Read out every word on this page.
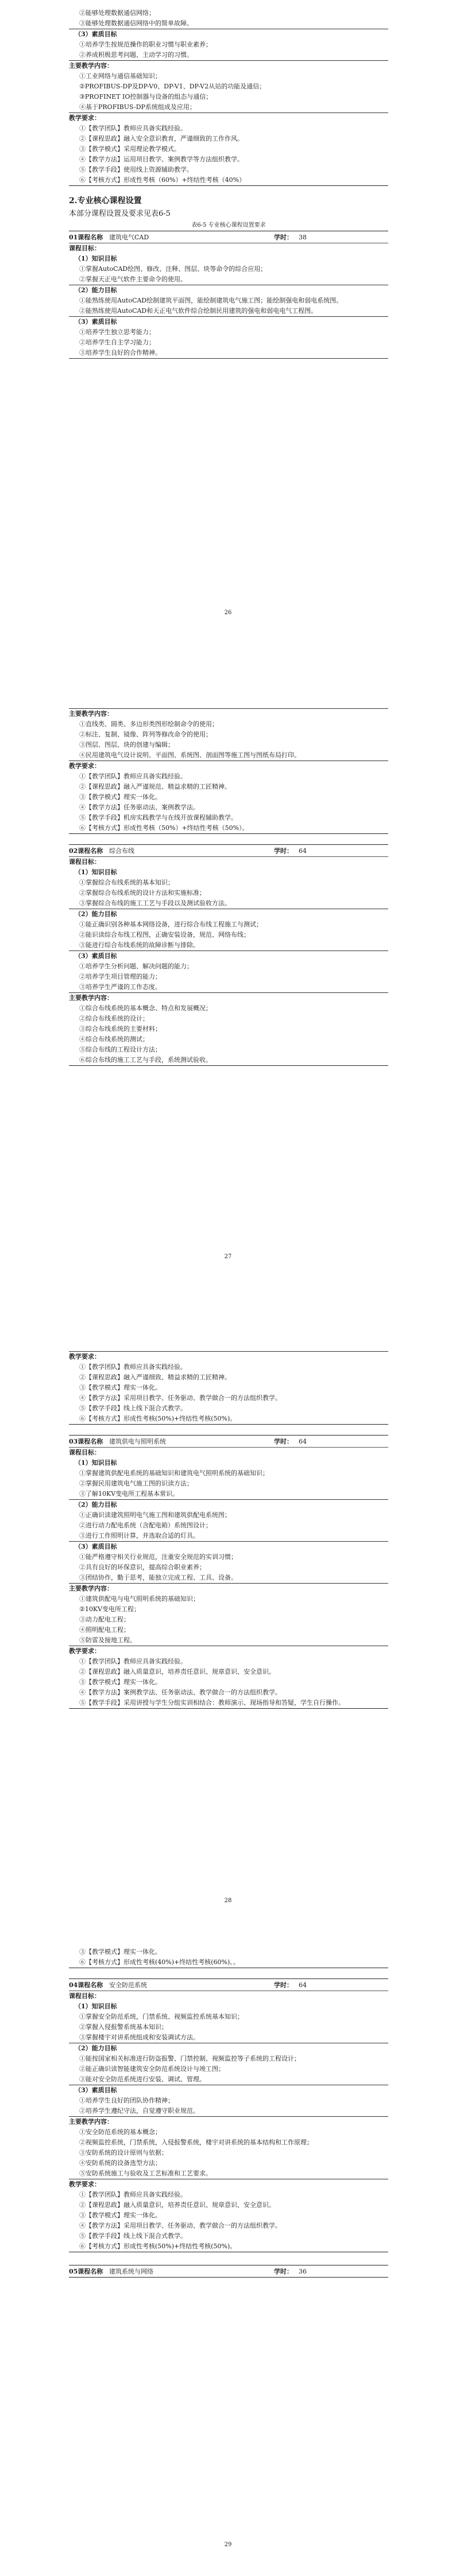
②能够处理数据通信网络；
③能够处理数据通信网络中的简单故障。
（3）素质目标
①培养学生按规范操作的职业习惯与职业素养；
②养成积极思考问题、主动学习的习惯。
主要教学内容：
①工业网络与通信基础知识；
②PROFIBUS-DP及DP-V0、DP-V1、DP-V2从站的功能及通信；
③PROFINET IO控制器与设备的组态与通信；
④基于PROFIBUS-DP系统组成及应用；
教学要求：
①【教学团队】教师应具备实践经验。
②【课程思政】融入安全意识教育，严谨细致的工作作风。
③【教学模式】采用理论教学模式。
④【教学方法】运用项目教学、案例教学等方法组织教学。
⑤【教学手段】使用线上资源辅助教学。
⑥【考核方式】形成性考核（60%）+终结性考核（40%）
2.专业核心课程设置
本部分课程设置及要求见表6-5
表6-5 专业核心课程设置要求
01课程名称 建筑电气CAD	学时： 38
课程目标：
（1）知识目标
①掌握AutoCAD绘图、修改、注释、图层、块等命令的综合应用；
②掌握天正电气软件主要命令的使用。
（2）能力目标
①能熟练使用AutoCAD绘制建筑平面图，能绘制建筑电气施工图；能绘制强电和弱电系统图。
②能熟练使用AutoCAD和天正电气软件综合绘制民用建筑的强电和弱电电气工程图。
（3）素质目标
①培养学生独立思考能力；
②培养学生自主学习能力；
③培养学生良好的合作精神。
26
主要教学内容：
①直线类、圆类、多边形类图形绘制命令的使用；
②标注、复制、镜像、阵列等修改命令的使用；
③图层、图层、块的创建与编辑；
④民用建筑电气设计说明、平面图、系统图、剖面图等施工图与图纸布局打印。
教学要求：
①【教学团队】教师应具备实践经验。
②【课程思政】融入严谨规范、精益求精的工匠精神。
③【教学模式】理实一体化。
④【教学方法】任务驱动法、案例教学法。
⑤【教学手段】机房实践教学与在线开放课程辅助教学。
⑥【考核方式】形成性考核（50%）+终结性考核（50%）。
02课程名称 综合布线	学时： 64
课程目标：
（1）知识目标
①掌握综合布线系统的基本知识；
②掌握综合布线系统的设计方法和实施标准；
③掌握综合布线的施工工艺与手段以及测试验收方法。
（2）能力目标
①能正确识别各种基本网络设备，进行综合布线工程施工与测试；
②能识读综合布线工程图，正确安装设备，规范、网络布线；
③能进行综合布线系统的故障诊断与排除。
（3）素质目标
①培养学生分析问题、解决问题的能力；
②培养学生项目管理的能力；
③培养学生严谨的工作态度。
主要教学内容：
①综合布线系统的基本概念、特点和发展概况；
②综合布线系统的设计；
③综合布线系统的主要材料；
④综合布线系统的测试；
⑤综合布线的工程设计方法；
⑥综合布线的施工工艺与手段，系统测试验收。
27
教学要求：
①【教学团队】教师应具备实践经验。
②【课程思政】融入严谨细致、精益求精的工匠精神。
③【教学模式】理实一体化。
④【教学方法】采用项目教学、任务驱动、教学做合一的方法组织教学。
⑤【教学手段】线上线下混合式教学。
⑥【考核方式】形成性考核(50%)+终结性考核(50%)。
03课程名称 建筑供电与照明系统	学时： 64
课程目标：
（1）知识目标
①掌握建筑供配电系统的基础知识和建筑电气照明系统的基础知识；
②掌握民用建筑电气施工图的识读方法；
③了解10KV变电所工程基本常识。
（2）能力目标
①正确识读建筑照明电气施工图和建筑供配电系统图；
②进行动力配电系统（含配电箱）系统图设计；
③进行工作照明计算，并选取合适的灯具。
（3）素质目标
①能严格遵守相关行业规范，注重安全规范的实训习惯；
②具有良好的环保意识，提高综合职业素养；
③团结协作，勤于思考，能独立完成工程、工具、设备。
主要教学内容：
①建筑供配电与电气照明系统的基础知识；
②10KV变电所工程；
③动力配电工程；
④照明配电工程；
⑤防雷及接地工程。
教学要求：
①【教学团队】教师应具备实践经验。
②【课程思政】融入质量意识，培养责任意识、规章意识、安全意识。
③【教学模式】理实一体化。
④【教学方法】案例教学法、任务驱动法、教学做合一的方法组织教学。
⑤【教学手段】采用讲授与学生分组实训相结合：教师演示、现场指导和答疑，学生自行操作。
28
③【教学模式】理实一体化。
⑥【考核方式】形成性考核(40%)+终结性考核(60%)。。
04课程名称 安全防范系统	学时： 64
课程目标：
（1）知识目标
①掌握安全防范系统，门禁系统、视频监控系统基本知识；
②掌握入侵报警系统基本知识；
③掌握楼宇对讲系统组成和安装调试方法。
（2）能力目标
①能按国家相关标准进行防盗报警、门禁控制、视频监控等子系统的工程设计；
②能正确识读智能建筑安全防范系统设计与竣工图；
③能对安全防范系统进行安装、调试、管理。
（3）素质目标
①培养学生良好的团队协作精神；
②培养学生遵纪守法，自觉遵守职业规范。
主要教学内容：
①安全防范系统的基本概念；
②视频监控系统，门禁系统，入侵报警系统，楼宇对讲系统的基本结构和工作原理；
③安防系统的设计原则与依据；
④安防系统的设备选型方法；
⑤安防系统施工与验收及工艺标准和工艺要求。
教学要求：
①【教学团队】教师应具备实践经验。
②【课程思政】融入质量意识，培养责任意识、规章意识、安全意识。
③【教学模式】理实一体化。
④【教学方法】采用项目教学、任务驱动、教学做合一的方法组织教学。
⑤【教学手段】线上线下混合式教学。
⑥【考核方式】形成性考核(50%)+终结性考核(50%)。
05课程名称 建筑系统与网络	学时： 36
29
